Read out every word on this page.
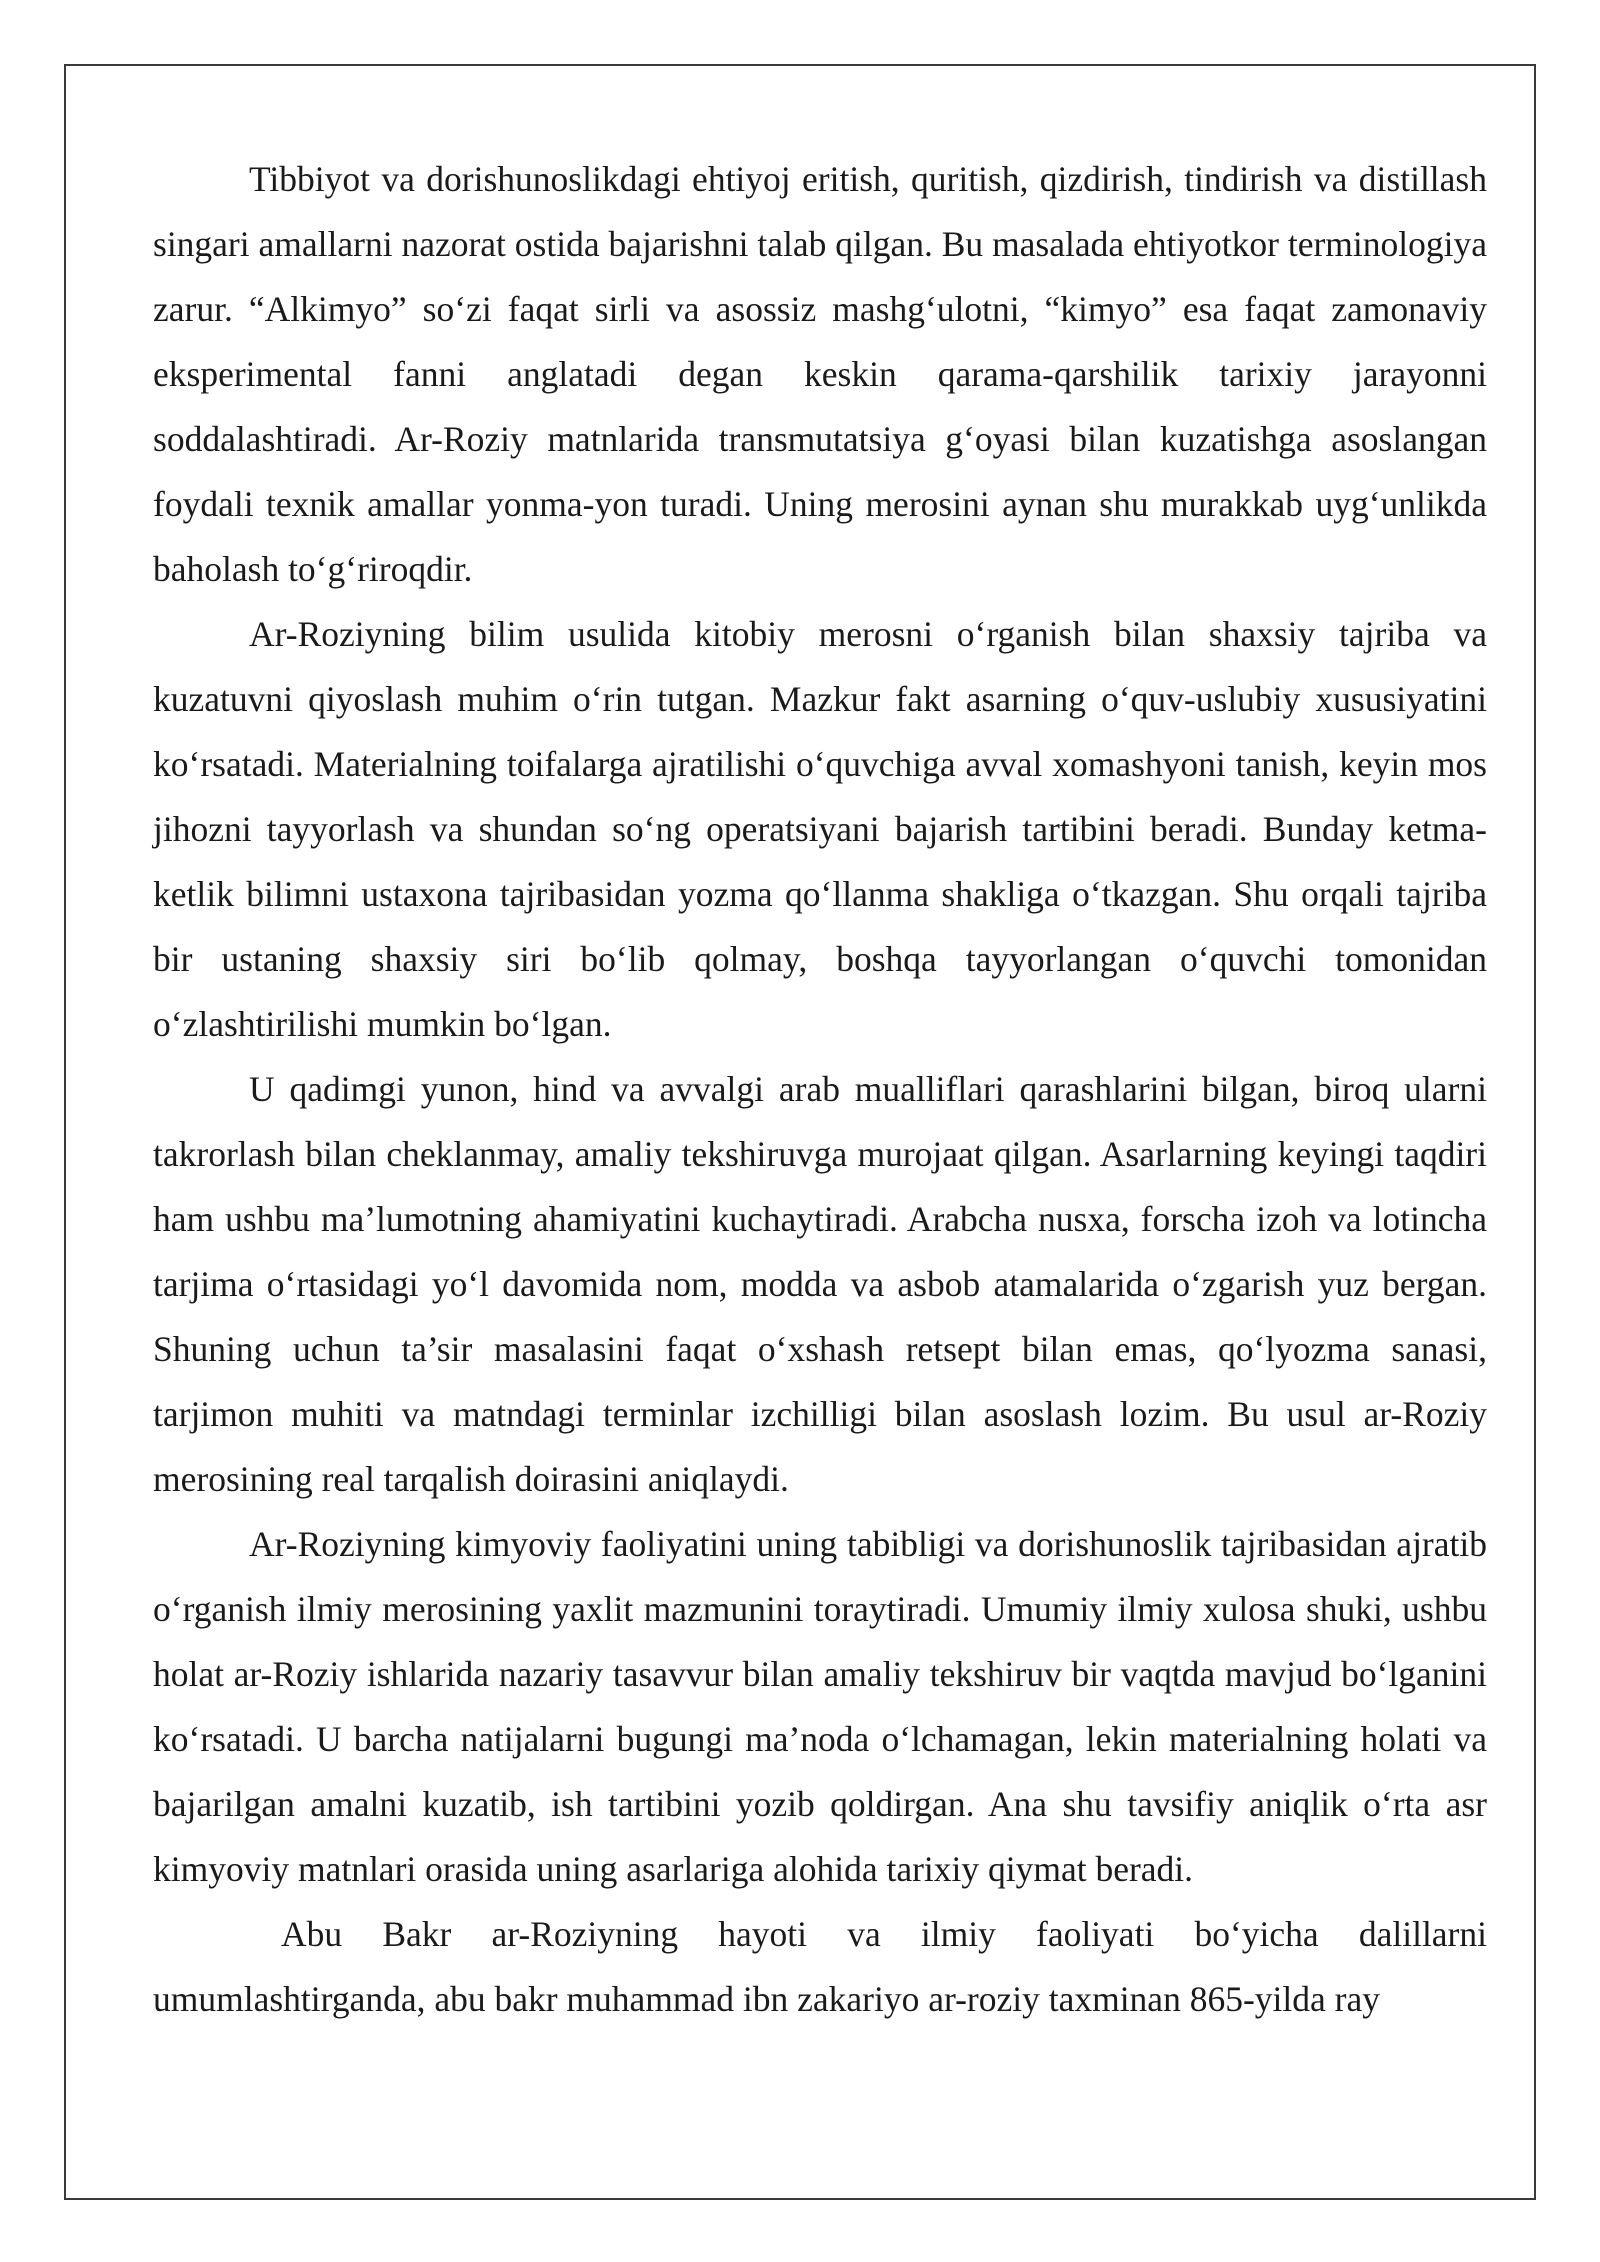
Tibbiyot va dorishunoslikdagi ehtiyoj eritish, quritish, qizdirish, tindirish va distillash singari amallarni nazorat ostida bajarishni talab qilgan. Bu masalada ehtiyotkor terminologiya zarur. “Alkimyo” so‘zi faqat sirli va asossiz mashg‘ulotni, “kimyo” esa faqat zamonaviy eksperimental fanni anglatadi degan keskin qarama-qarshilik tarixiy jarayonni soddalashtiradi. Ar-Roziy matnlarida transmutatsiya g‘oyasi bilan kuzatishga asoslangan foydali texnik amallar yonma-yon turadi. Uning merosini aynan shu murakkab uyg‘unlikda baholash to‘g‘riroqdir.

Ar-Roziyning bilim usulida kitobiy merosni o‘rganish bilan shaxsiy tajriba va kuzatuvni qiyoslash muhim o‘rin tutgan. Mazkur fakt asarning o‘quv-uslubiy xususiyatini ko‘rsatadi. Materialning toifalarga ajratilishi o‘quvchiga avval xomashyoni tanish, keyin mos jihozni tayyorlash va shundan so‘ng operatsiyani bajarish tartibini beradi. Bunday ketma-ketlik bilimni ustaxona tajribasidan yozma qo‘llanma shakliga o‘tkazgan. Shu orqali tajriba bir ustaning shaxsiy siri bo‘lib qolmay, boshqa tayyorlangan o‘quvchi tomonidan o‘zlashtirilishi mumkin bo‘lgan.

U qadimgi yunon, hind va avvalgi arab mualliflari qarashlarini bilgan, biroq ularni takrorlash bilan cheklanmay, amaliy tekshiruvga murojaat qilgan. Asarlarning keyingi taqdiri ham ushbu ma’lumotning ahamiyatini kuchaytiradi. Arabcha nusxa, forscha izoh va lotincha tarjima o‘rtasidagi yo‘l davomida nom, modda va asbob atamalarida o‘zgarish yuz bergan. Shuning uchun ta’sir masalasini faqat o‘xshash retsept bilan emas, qo‘lyozma sanasi, tarjimon muhiti va matndagi terminlar izchilligi bilan asoslash lozim. Bu usul ar-Roziy merosining real tarqalish doirasini aniqlaydi.

Ar-Roziyning kimyoviy faoliyatini uning tabibligi va dorishunoslik tajribasidan ajratib o‘rganish ilmiy merosining yaxlit mazmunini toraytiradi. Umumiy ilmiy xulosa shuki, ushbu holat ar-Roziy ishlarida nazariy tasavvur bilan amaliy tekshiruv bir vaqtda mavjud bo‘lganini ko‘rsatadi. U barcha natijalarni bugungi ma’noda o‘lchamagan, lekin materialning holati va bajarilgan amalni kuzatib, ish tartibini yozib qoldirgan. Ana shu tavsifiy aniqlik o‘rta asr kimyoviy matnlari orasida uning asarlariga alohida tarixiy qiymat beradi.

Abu Bakr ar-Roziyning hayoti va ilmiy faoliyati bo‘yicha dalillarni umumlashtirganda, abu bakr muhammad ibn zakariyo ar-roziy taxminan 865-yilda ray
